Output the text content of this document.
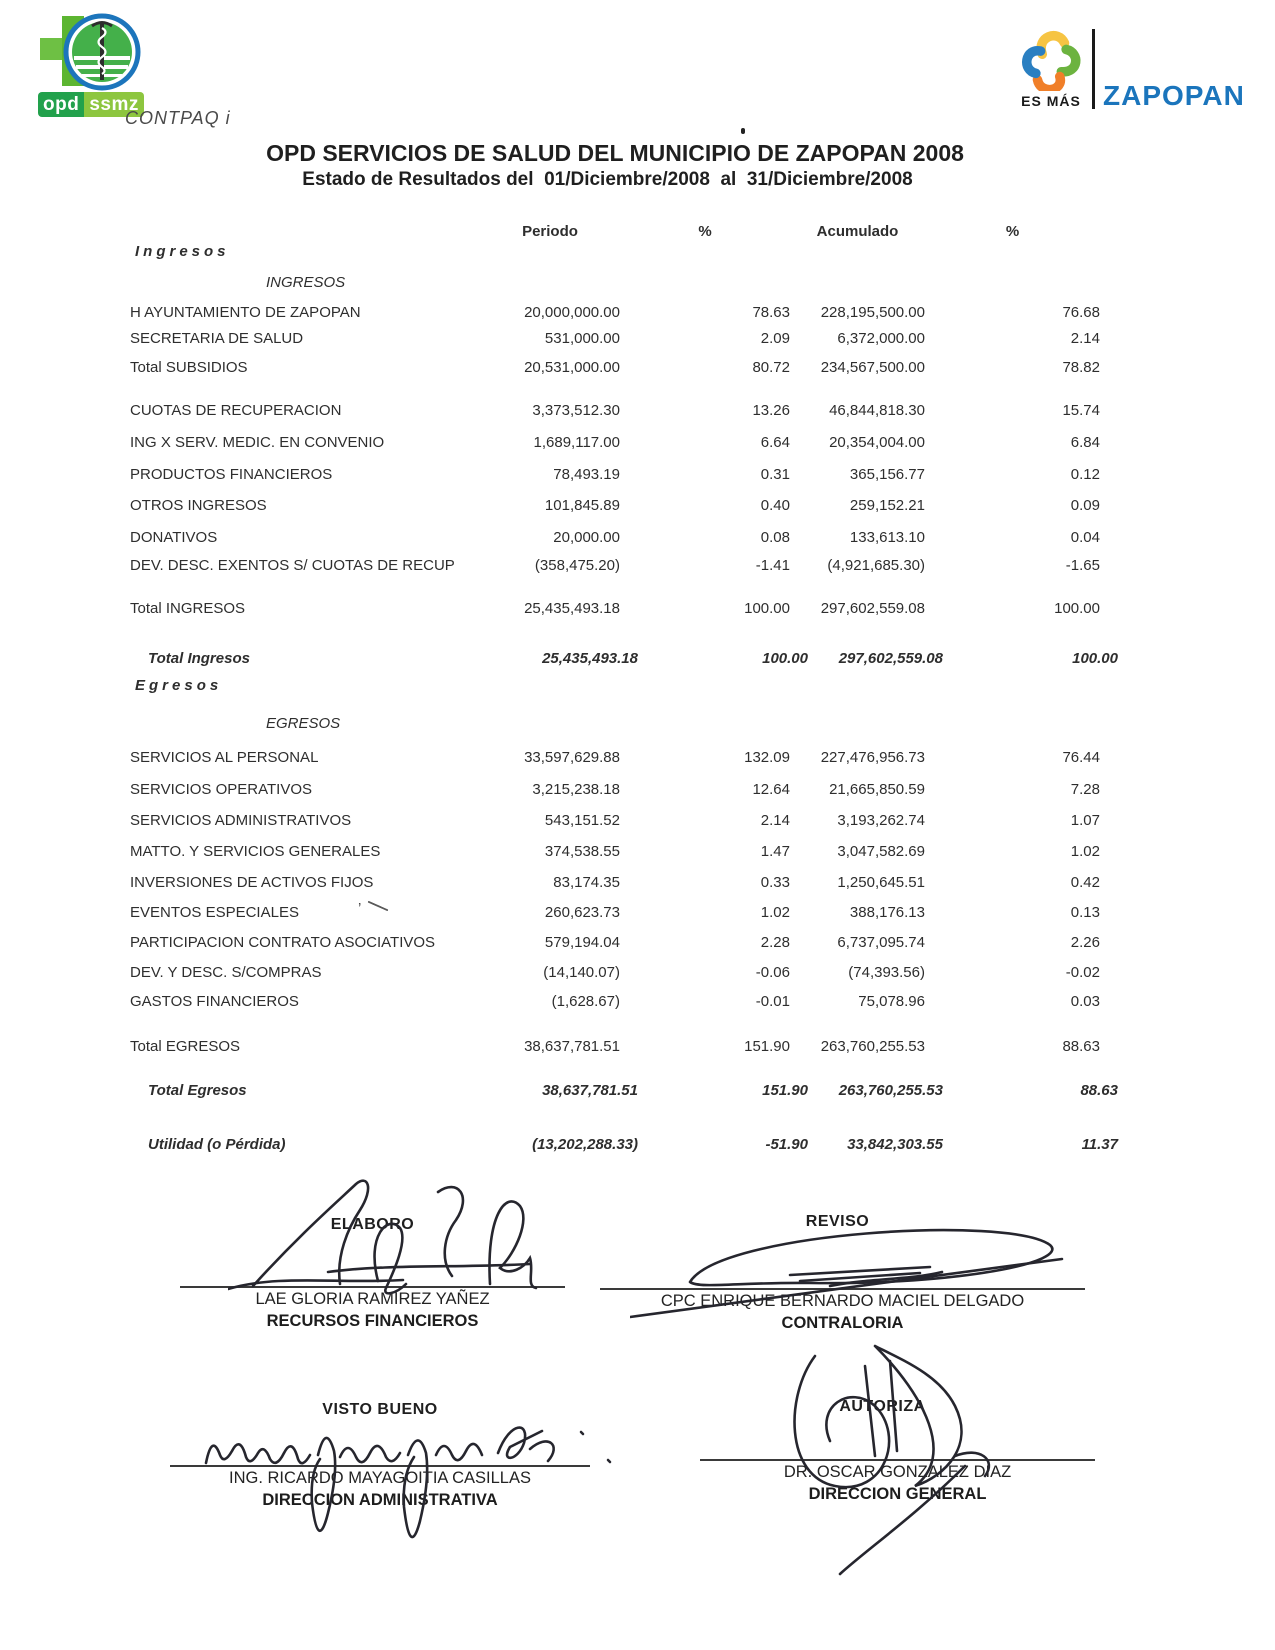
opd ssmz	ES MÁS ZAPOPAN
CONTPAQ i
OPD SERVICIOS DE SALUD DEL MUNICIPIO DE ZAPOPAN 2008
Estado de Resultados del  01/Diciembre/2008  al  31/Diciembre/2008
Periodo	%	Acumulado	%
Ingresos
INGRESOS
H AYUNTAMIENTO DE ZAPOPAN	20,000,000.00	78.63	228,195,500.00	76.68
SECRETARIA DE SALUD	531,000.00	2.09	6,372,000.00	2.14
Total SUBSIDIOS	20,531,000.00	80.72	234,567,500.00	78.82
CUOTAS DE RECUPERACION	3,373,512.30	13.26	46,844,818.30	15.74
ING X SERV. MEDIC. EN CONVENIO	1,689,117.00	6.64	20,354,004.00	6.84
PRODUCTOS FINANCIEROS	78,493.19	0.31	365,156.77	0.12
OTROS INGRESOS	101,845.89	0.40	259,152.21	0.09
DONATIVOS	20,000.00	0.08	133,613.10	0.04
DEV. DESC. EXENTOS S/ CUOTAS DE RECUP	(358,475.20)	-1.41	(4,921,685.30)	-1.65
Total INGRESOS	25,435,493.18	100.00	297,602,559.08	100.00
Total Ingresos	25,435,493.18	100.00	297,602,559.08	100.00
Egresos
EGRESOS
SERVICIOS AL PERSONAL	33,597,629.88	132.09	227,476,956.73	76.44
SERVICIOS OPERATIVOS	3,215,238.18	12.64	21,665,850.59	7.28
SERVICIOS ADMINISTRATIVOS	543,151.52	2.14	3,193,262.74	1.07
MATTO. Y SERVICIOS GENERALES	374,538.55	1.47	3,047,582.69	1.02
INVERSIONES DE ACTIVOS FIJOS	83,174.35	0.33	1,250,645.51	0.42
EVENTOS ESPECIALES	’	260,623.73	1.02	388,176.13	0.13
PARTICIPACION CONTRATO ASOCIATIVOS	579,194.04	2.28	6,737,095.74	2.26
DEV. Y DESC. S/COMPRAS	(14,140.07)	-0.06	(74,393.56)	-0.02
GASTOS FINANCIEROS	(1,628.67)	-0.01	75,078.96	0.03
Total EGRESOS	38,637,781.51	151.90	263,760,255.53	88.63
Total Egresos	38,637,781.51	151.90	263,760,255.53	88.63
Utilidad (o Pérdida)	(13,202,288.33)	-51.90	33,842,303.55	11.37
ELABORO
LAE GLORIA RAMIREZ YAÑEZ
RECURSOS FINANCIEROS
REVISO
CPC ENRIQUE BERNARDO MACIEL DELGADO
CONTRALORIA
VISTO BUENO
ING. RICARDO MAYAGOITIA CASILLAS
DIRECCION ADMINISTRATIVA
AUTORIZA
DR. OSCAR GONZALEZ DIAZ
DIRECCION GENERAL
